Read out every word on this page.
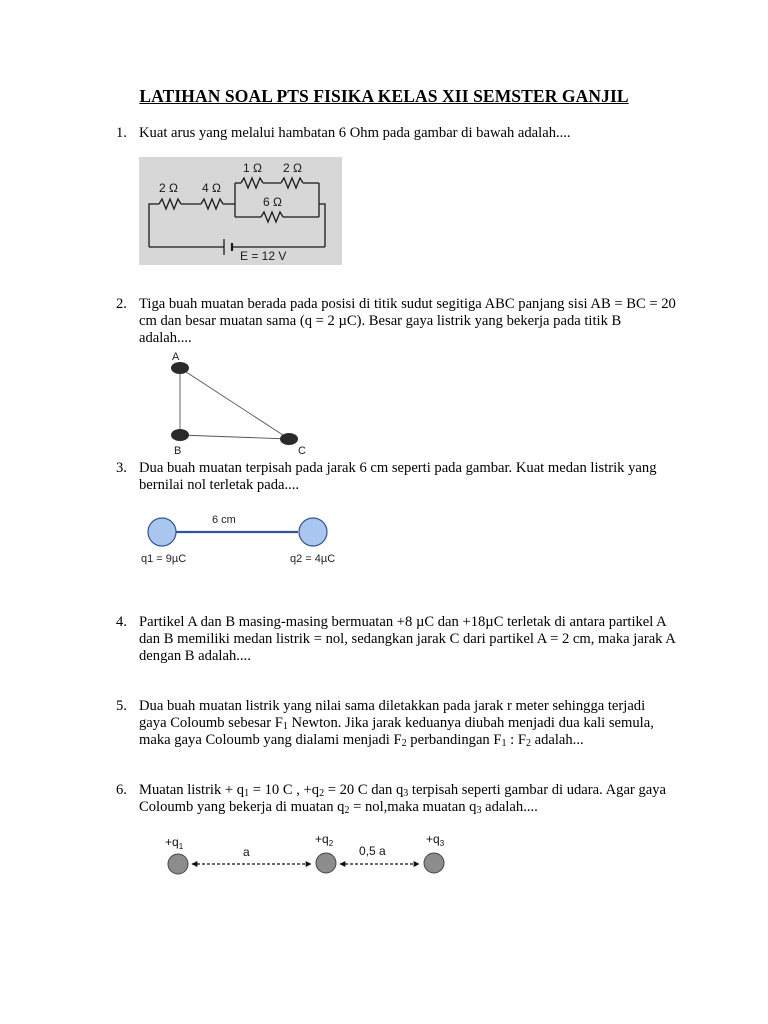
LATIHAN SOAL PTS FISIKA KELAS XII SEMSTER GANJIL
1. Kuat arus yang melalui hambatan 6 Ohm pada gambar di bawah adalah....
2 Ω 4 Ω
1 Ω 2 Ω
6 Ω
E = 12 V
2. Tiga buah muatan berada pada posisi di titik sudut segitiga ABC panjang sisi AB = BC = 20 cm dan besar muatan sama (q = 2 µC). Besar gaya listrik yang bekerja pada titik B adalah....
A
B	C
3. Dua buah muatan terpisah pada jarak 6 cm seperti pada gambar. Kuat medan listrik yang bernilai nol terletak pada....
6 cm
q1 = 9µC	q2 = 4µC
4. Partikel A dan B masing-masing bermuatan +8 µC dan +18µC terletak di antara partikel A dan B memiliki medan listrik = nol, sedangkan jarak C dari partikel A = 2 cm, maka jarak A dengan B adalah....
5. Dua buah muatan listrik yang nilai sama diletakkan pada jarak r meter sehingga terjadi gaya Coloumb sebesar $F_1$ Newton. Jika jarak keduanya diubah menjadi dua kali semula, maka gaya Coloumb yang dialami menjadi $F_2$ perbandingan $F_1$ : $F_2$ adalah...
6. Muatan listrik + $q_1 = 10$ C , $+q_2 = 20$ C dan $q_3$ terpisah seperti gambar di udara. Agar gaya Coloumb yang bekerja di muatan $q_2$ = nol,maka muatan $q_3$ adalah....
$+q_1$
$+q_2$	$+q_3$
a	0,5 a
